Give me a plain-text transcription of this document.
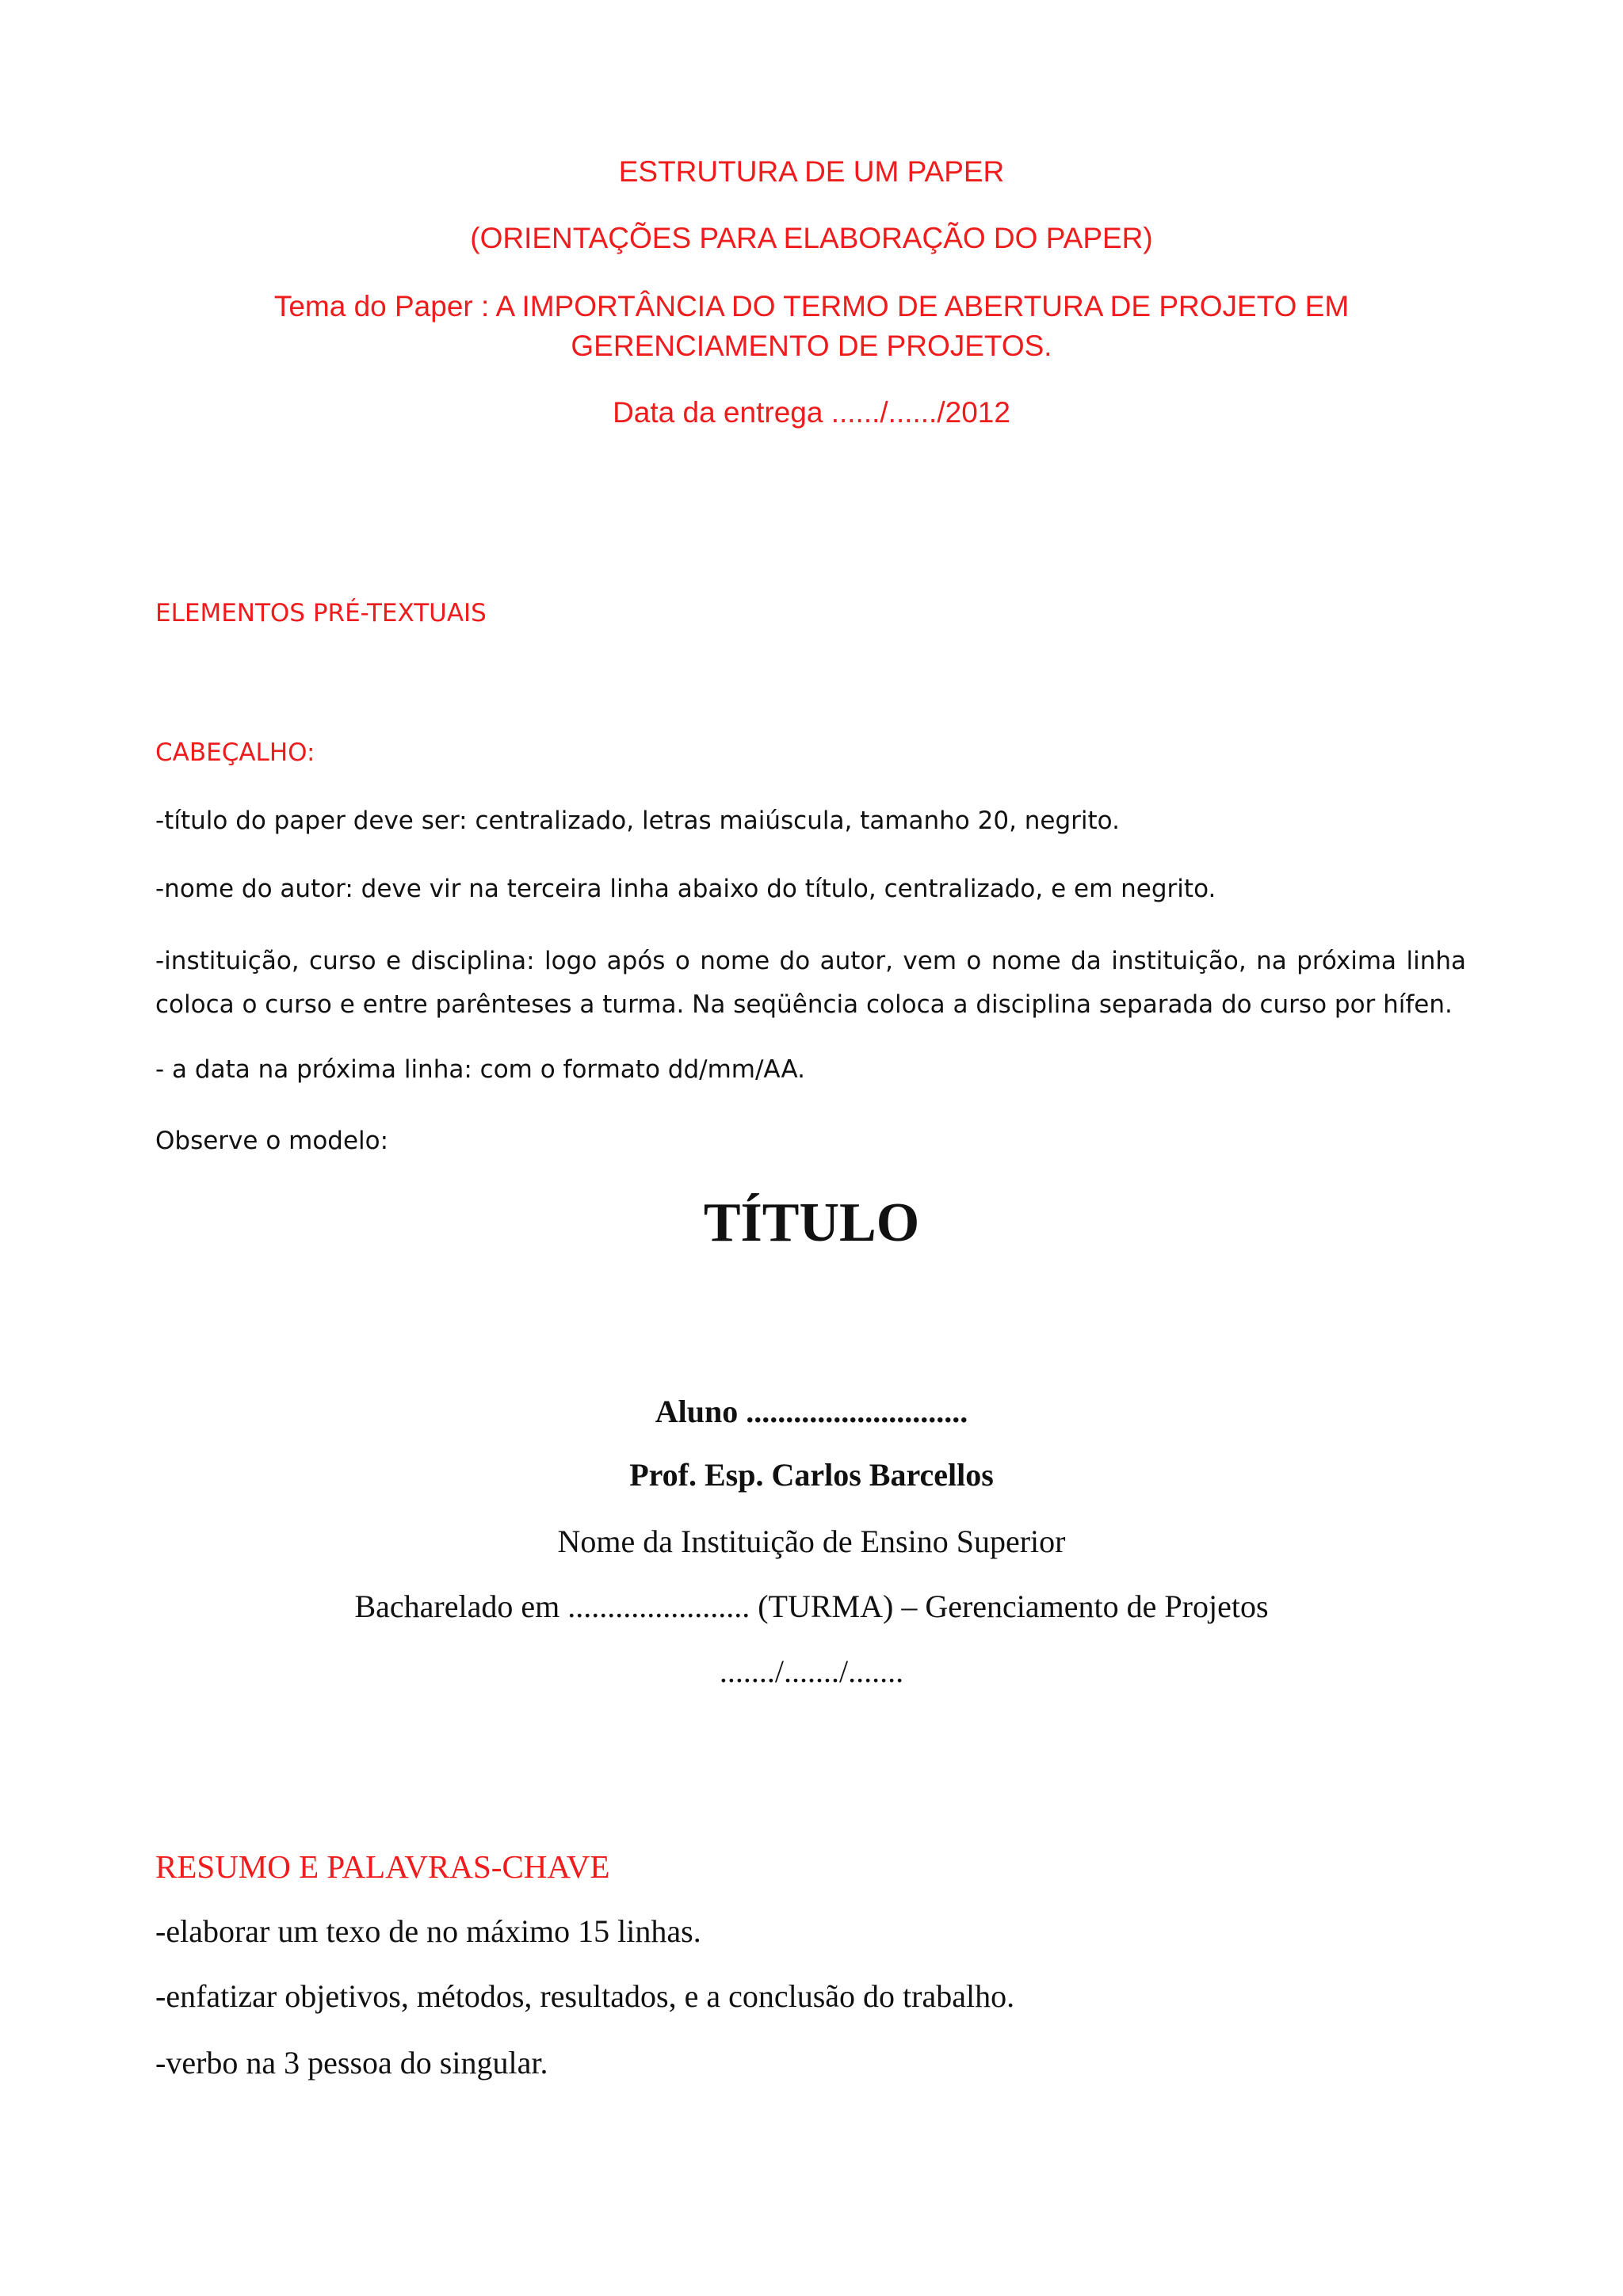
ESTRUTURA DE UM PAPER
(ORIENTAÇÕES PARA ELABORAÇÃO DO PAPER)
Tema do Paper : A IMPORTÂNCIA DO TERMO DE ABERTURA DE PROJETO EM
GERENCIAMENTO DE PROJETOS.
Data da entrega ....../....../2012
ELEMENTOS PRÉ-TEXTUAIS
CABEÇALHO:
-título do paper deve ser: centralizado, letras maiúscula, tamanho 20, negrito.
-nome do autor: deve vir na terceira linha abaixo do título, centralizado, e em negrito.
-instituição, curso e disciplina: logo após o nome do autor, vem o nome da instituição, na próxima linha coloca o curso e entre parênteses a turma. Na seqüência coloca a disciplina separada do curso por hífen.
- a data na próxima linha: com o formato dd/mm/AA.
Observe o modelo:
TÍTULO
Aluno ............................
Prof. Esp. Carlos Barcellos
Nome da Instituição de Ensino Superior
Bacharelado em ....................... (TURMA) – Gerenciamento de Projetos
......./......./.......
RESUMO E PALAVRAS-CHAVE
-elaborar um texo de no máximo 15 linhas.
-enfatizar objetivos, métodos, resultados, e a conclusão do trabalho.
-verbo na 3 pessoa do singular.
